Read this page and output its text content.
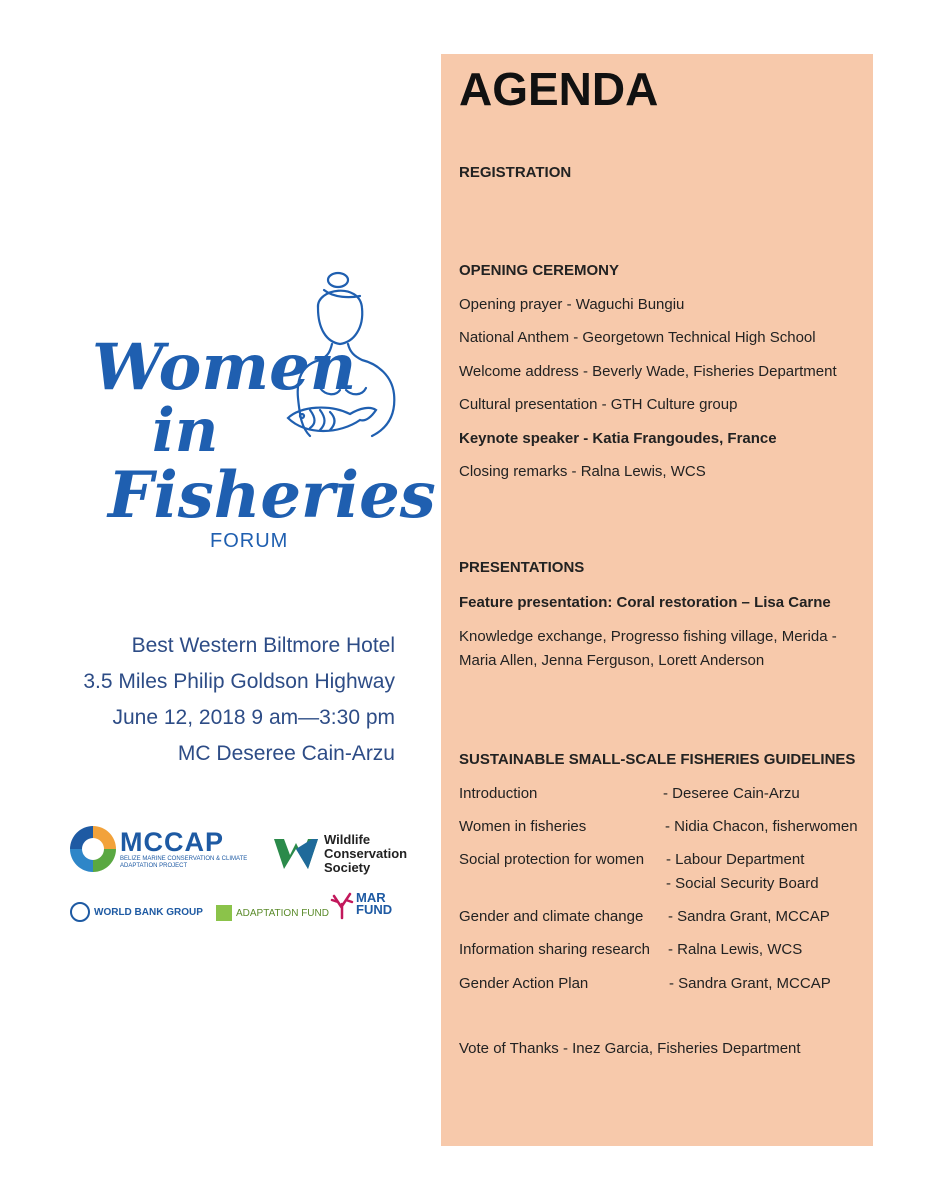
Women
in
Fisheries
FORUM
Best Western Biltmore Hotel
3.5 Miles Philip Goldson Highway
June 12, 2018 9 am—3:30 pm
MC Deseree Cain-Arzu
MCCAP
BELIZE MARINE CONSERVATION & CLIMATE ADAPTATION PROJECT
Wildlife
Conservation
Society
WORLD BANK GROUP	ADAPTATION FUND
MAR
FUND
AGENDA
REGISTRATION
OPENING CEREMONY
Opening prayer - Waguchi Bungiu
National Anthem - Georgetown Technical High School
Welcome address - Beverly Wade, Fisheries Department
Cultural presentation - GTH Culture group
Keynote speaker - Katia Frangoudes, France
Closing remarks - Ralna Lewis, WCS
PRESENTATIONS
Feature presentation: Coral restoration – Lisa Carne
Knowledge exchange, Progresso fishing village, Merida -
Maria Allen, Jenna Ferguson, Lorett Anderson
SUSTAINABLE SMALL-SCALE FISHERIES GUIDELINES
Introduction	- Deseree Cain-Arzu
Women in fisheries	- Nidia Chacon, fisherwomen
Social protection for women - Labour Department
- Social Security Board
Gender and climate change - Sandra Grant, MCCAP
Information sharing research - Ralna Lewis, WCS
Gender Action Plan	- Sandra Grant, MCCAP
Vote of Thanks - Inez Garcia, Fisheries Department
